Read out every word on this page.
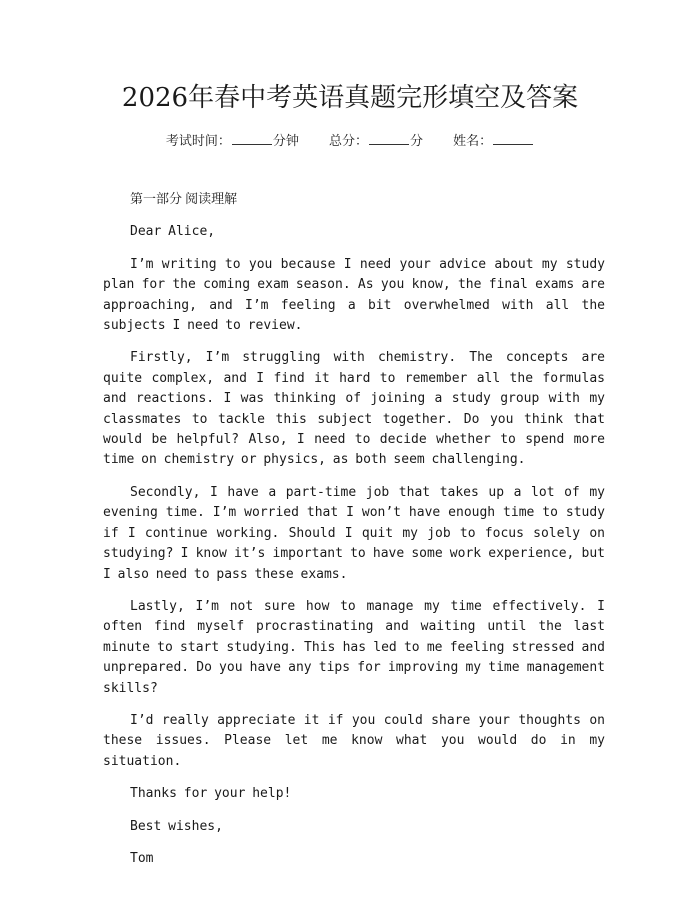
2026年春中考英语真题完形填空及答案
考试时间：	分钟 总分：	分 姓名：

第一部分 阅读理解

Dear Alice,

I’m writing to you because I need your advice about my study plan for the coming exam season. As you know, the final exams are approaching, and I’m feeling a bit overwhelmed with all the subjects I need to review.

Firstly, I’m struggling with chemistry. The concepts are quite complex, and I find it hard to remember all the formulas and reactions. I was thinking of joining a study group with my classmates to tackle this subject together. Do you think that would be helpful? Also, I need to decide whether to spend more time on chemistry or physics, as both seem challenging.

Secondly, I have a part-time job that takes up a lot of my evening time. I’m worried that I won’t have enough time to study if I continue working. Should I quit my job to focus solely on studying? I know it’s important to have some work experience, but I also need to pass these exams.

Lastly, I’m not sure how to manage my time effectively. I often find myself procrastinating and waiting until the last minute to start studying. This has led to me feeling stressed and unprepared. Do you have any tips for improving my time management skills?

I’d really appreciate it if you could share your thoughts on these issues. Please let me know what you would do in my situation.

Thanks for your help!

Best wishes,

Tom
